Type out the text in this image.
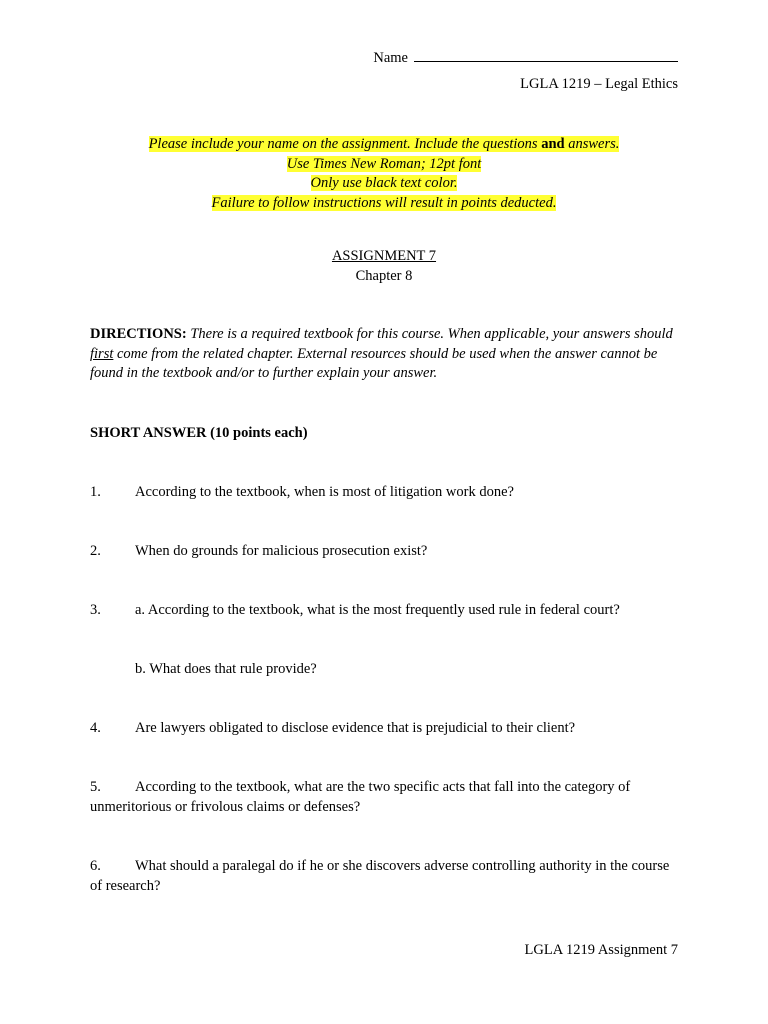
Name
LGLA 1219 – Legal Ethics
Please include your name on the assignment. Include the questions and answers.
Use Times New Roman; 12pt font
Only use black text color.
Failure to follow instructions will result in points deducted.
ASSIGNMENT 7
Chapter 8
DIRECTIONS: There is a required textbook for this course. When applicable, your answers should first come from the related chapter. External resources should be used when the answer cannot be found in the textbook and/or to further explain your answer.
SHORT ANSWER (10 points each)
1. According to the textbook, when is most of litigation work done?
2. When do grounds for malicious prosecution exist?
3. a. According to the textbook, what is the most frequently used rule in federal court?
b. What does that rule provide?
4. Are lawyers obligated to disclose evidence that is prejudicial to their client?
5. According to the textbook, what are the two specific acts that fall into the category of unmeritorious or frivolous claims or defenses?
6. What should a paralegal do if he or she discovers adverse controlling authority in the course of research?
LGLA 1219 Assignment 7
